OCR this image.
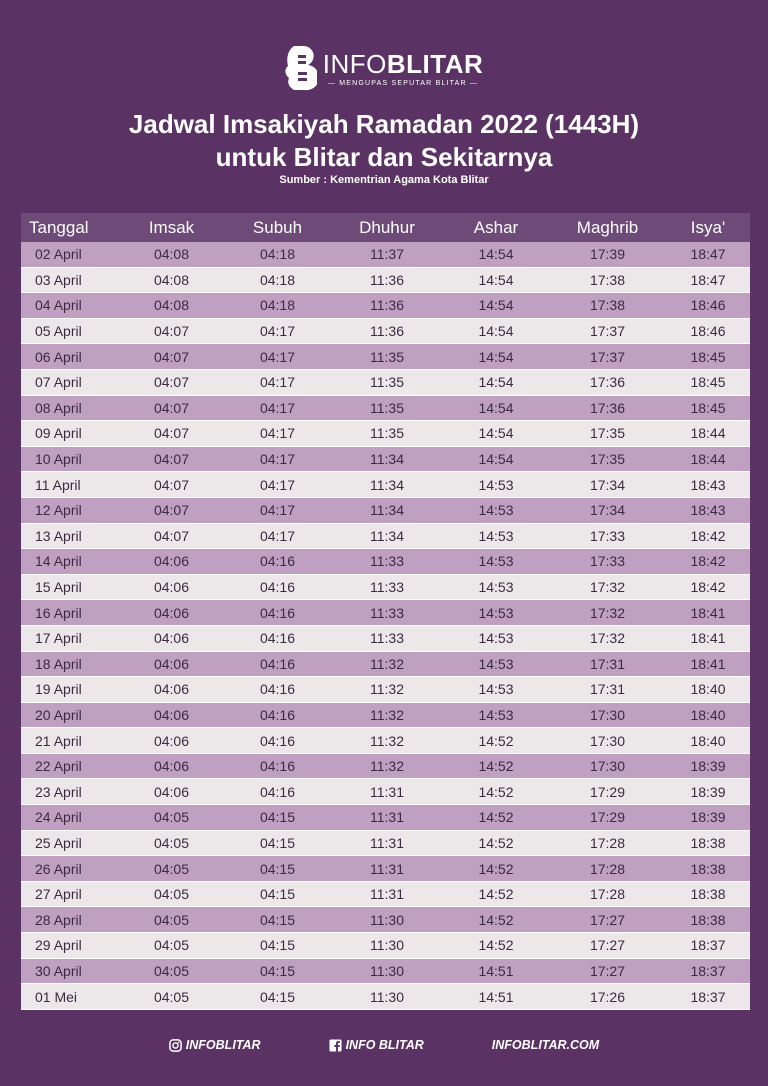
INFOBLITAR
— MENGUPAS SEPUTAR BLITAR —
Jadwal Imsakiyah Ramadan 2022 (1443H)
untuk Blitar dan Sekitarnya
Sumber : Kementrian Agama Kota Blitar
Tanggal	Imsak	Subuh	Dhuhur	Ashar	Maghrib	Isya'
02 April	04:08	04:18	11:37	14:54	17:39	18:47
03 April	04:08	04:18	11:36	14:54	17:38	18:47
04 April	04:08	04:18	11:36	14:54	17:38	18:46
05 April	04:07	04:17	11:36	14:54	17:37	18:46
06 April	04:07	04:17	11:35	14:54	17:37	18:45
07 April	04:07	04:17	11:35	14:54	17:36	18:45
08 April	04:07	04:17	11:35	14:54	17:36	18:45
09 April	04:07	04:17	11:35	14:54	17:35	18:44
10 April	04:07	04:17	11:34	14:54	17:35	18:44
11 April	04:07	04:17	11:34	14:53	17:34	18:43
12 April	04:07	04:17	11:34	14:53	17:34	18:43
13 April	04:07	04:17	11:34	14:53	17:33	18:42
14 April	04:06	04:16	11:33	14:53	17:33	18:42
15 April	04:06	04:16	11:33	14:53	17:32	18:42
16 April	04:06	04:16	11:33	14:53	17:32	18:41
17 April	04:06	04:16	11:33	14:53	17:32	18:41
18 April	04:06	04:16	11:32	14:53	17:31	18:41
19 April	04:06	04:16	11:32	14:53	17:31	18:40
20 April	04:06	04:16	11:32	14:53	17:30	18:40
21 April	04:06	04:16	11:32	14:52	17:30	18:40
22 April	04:06	04:16	11:32	14:52	17:30	18:39
23 April	04:06	04:16	11:31	14:52	17:29	18:39
24 April	04:05	04:15	11:31	14:52	17:29	18:39
25 April	04:05	04:15	11:31	14:52	17:28	18:38
26 April	04:05	04:15	11:31	14:52	17:28	18:38
27 April	04:05	04:15	11:31	14:52	17:28	18:38
28 April	04:05	04:15	11:30	14:52	17:27	18:38
29 April	04:05	04:15	11:30	14:52	17:27	18:37
30 April	04:05	04:15	11:30	14:51	17:27	18:37
01 Mei	04:05	04:15	11:30	14:51	17:26	18:37
INFOBLITAR	INFO BLITAR	INFOBLITAR.COM
